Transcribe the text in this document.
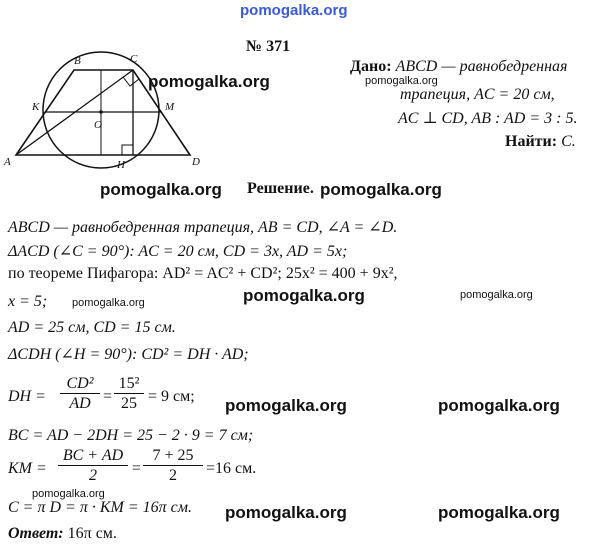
pomogalka.org
№ 371
A
B	C
D
K	M
O
H
pomogalka.org
Дано: ABCD — равнобедренная
pomogalka.org
трапеция, AC = 20 см,
AC ⊥ CD, AB : AD = 3 : 5.
Найти: C.
pomogalka.org Решение. pomogalka.org
ABCD — равнобедренная трапеция, AB = CD, ∠A = ∠D.
ΔACD (∠C = 90°): AC = 20 см, CD = 3x, AD = 5x;
по теореме Пифагора: AD² = AC² + CD²; 25x² = 400 + 9x²,
pomogalka.org
x = 5; pomogalka.org
pomogalka.org
AD = 25 см, CD = 15 см.
ΔCDH (∠H = 90°): CD² = DH · AD;
DH = $\frac{\text{CD²}}{AD} = \frac{\text{15²}}{25} = 9$ см; pomogalka.org	pomogalka.org
BC = AD − 2DH = 25 − 2 · 9 = 7 см;
KM = $\frac{BC + AD}{2} = \frac{7 + 25}{2} =16$ см.
pomogalka.org
C = π D = π · KM = 16π см. pomogalka.org	pomogalka.org
Ответ: 16π см.
